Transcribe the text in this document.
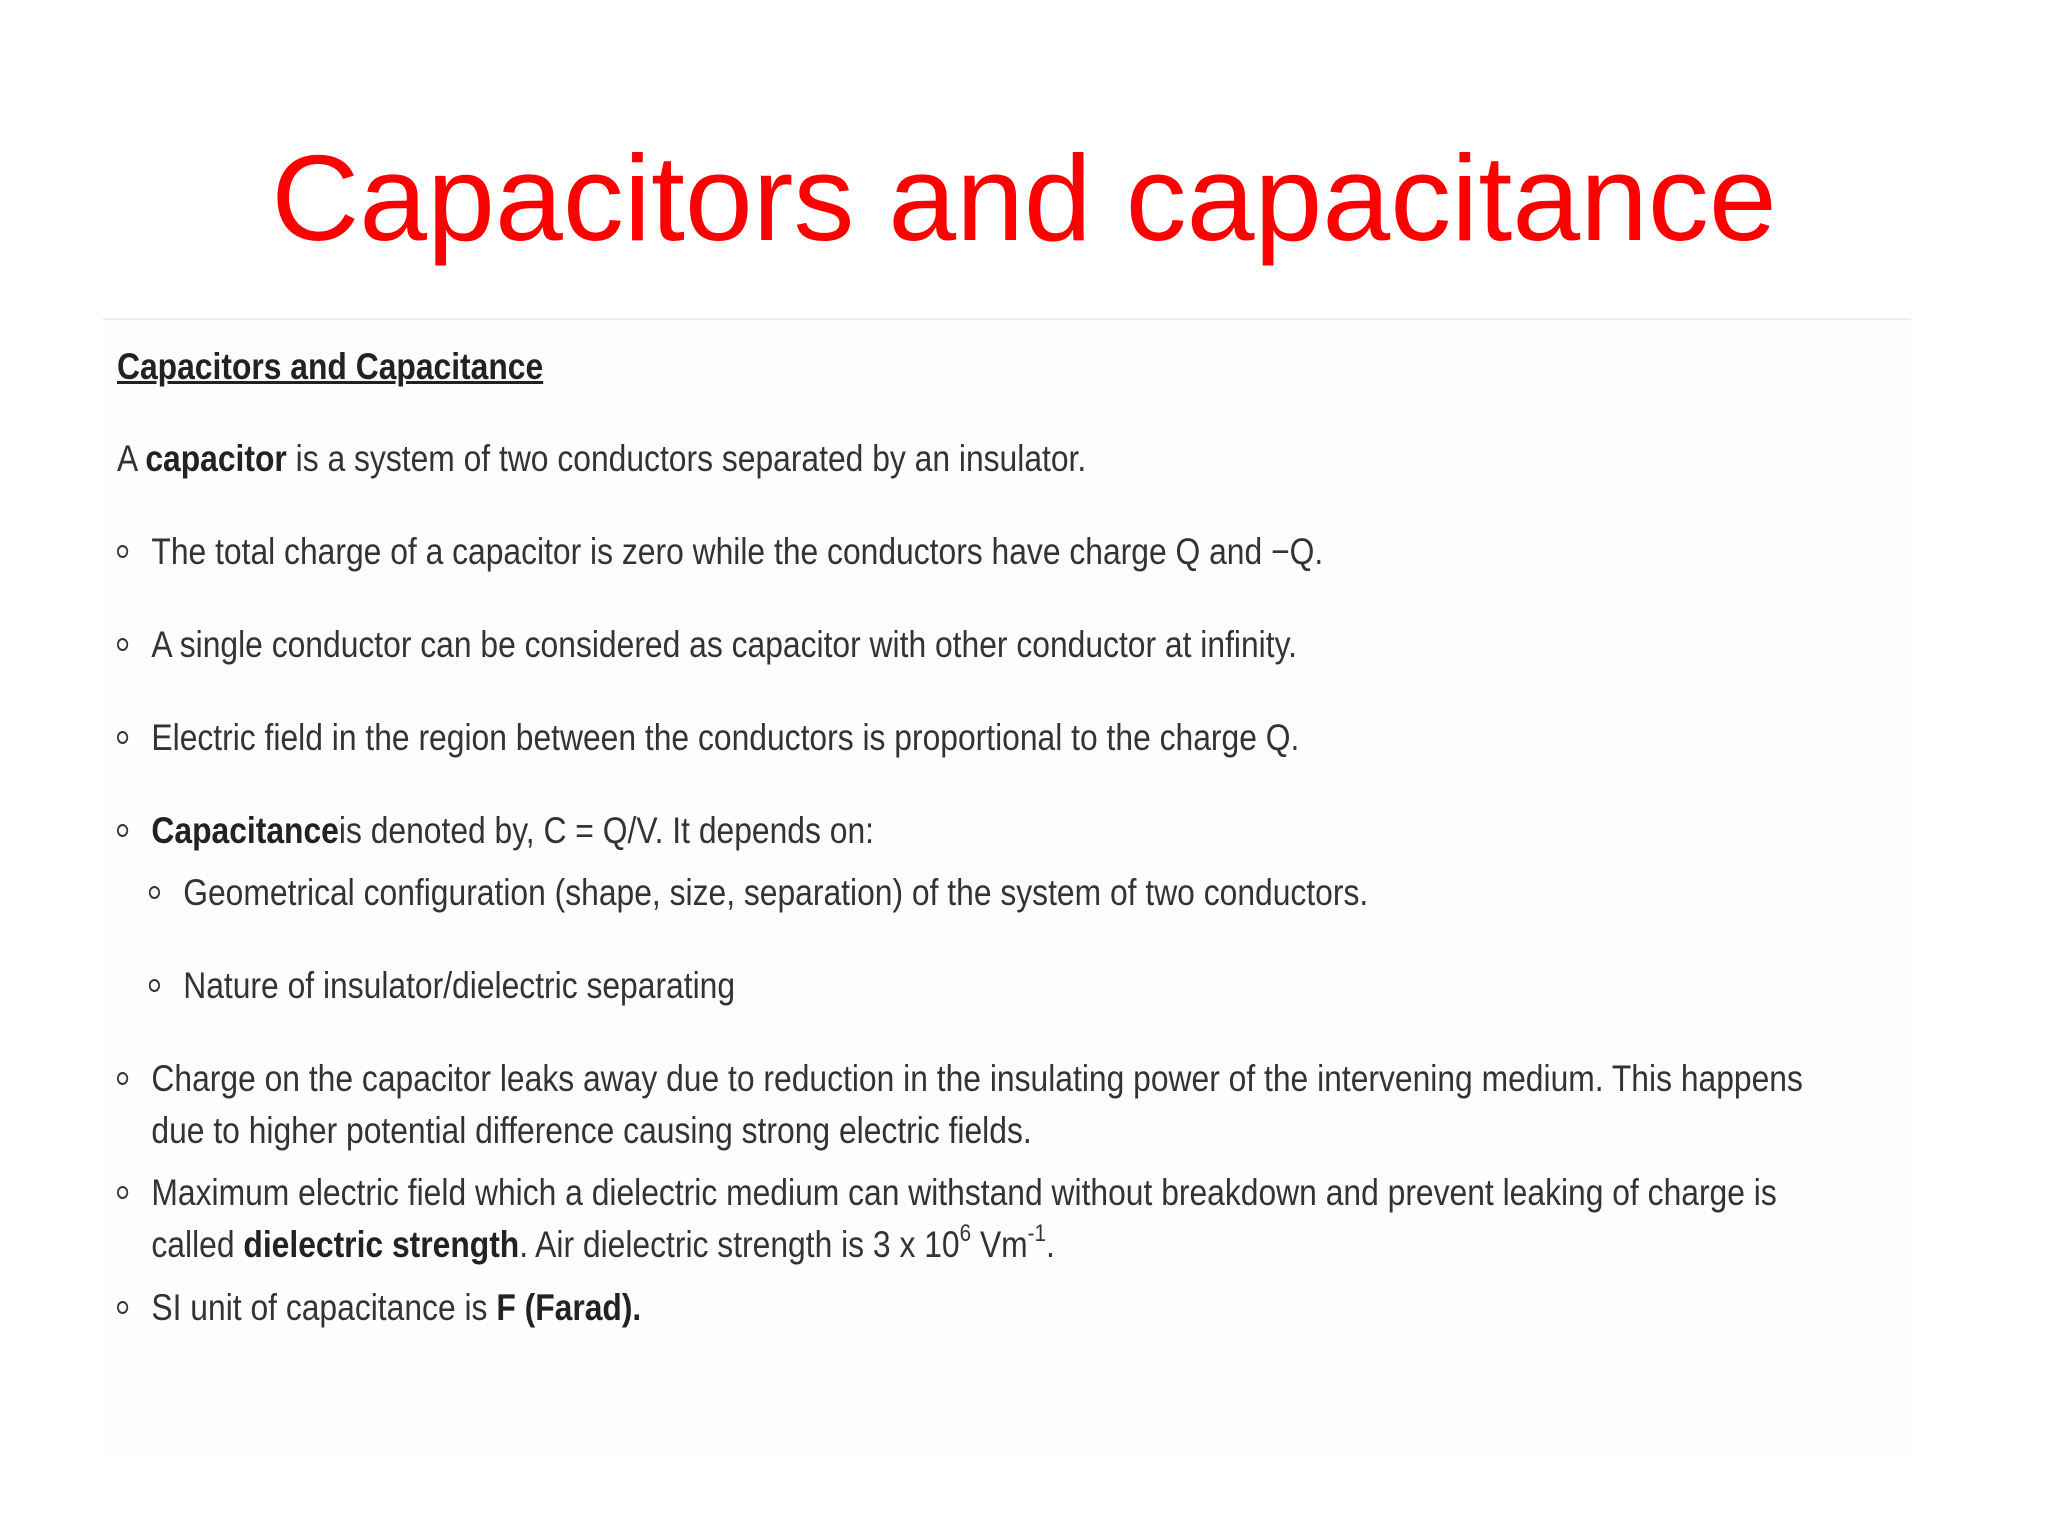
Capacitors and capacitance
Capacitors and Capacitance
A capacitor is a system of two conductors separated by an insulator.
The total charge of a capacitor is zero while the conductors have charge Q and −Q.
A single conductor can be considered as capacitor with other conductor at infinity.
Electric field in the region between the conductors is proportional to the charge Q.
Capacitanceis denoted by, C = Q/V. It depends on:
Geometrical configuration (shape, size, separation) of the system of two conductors.
Nature of insulator/dielectric separating
Charge on the capacitor leaks away due to reduction in the insulating power of the intervening medium. This happens
due to higher potential difference causing strong electric fields.
Maximum electric field which a dielectric medium can withstand without breakdown and prevent leaking of charge is
called dielectric strength. Air dielectric strength is 3 x $10^6$ $Vm^{-1}$.
SI unit of capacitance is F (Farad).
